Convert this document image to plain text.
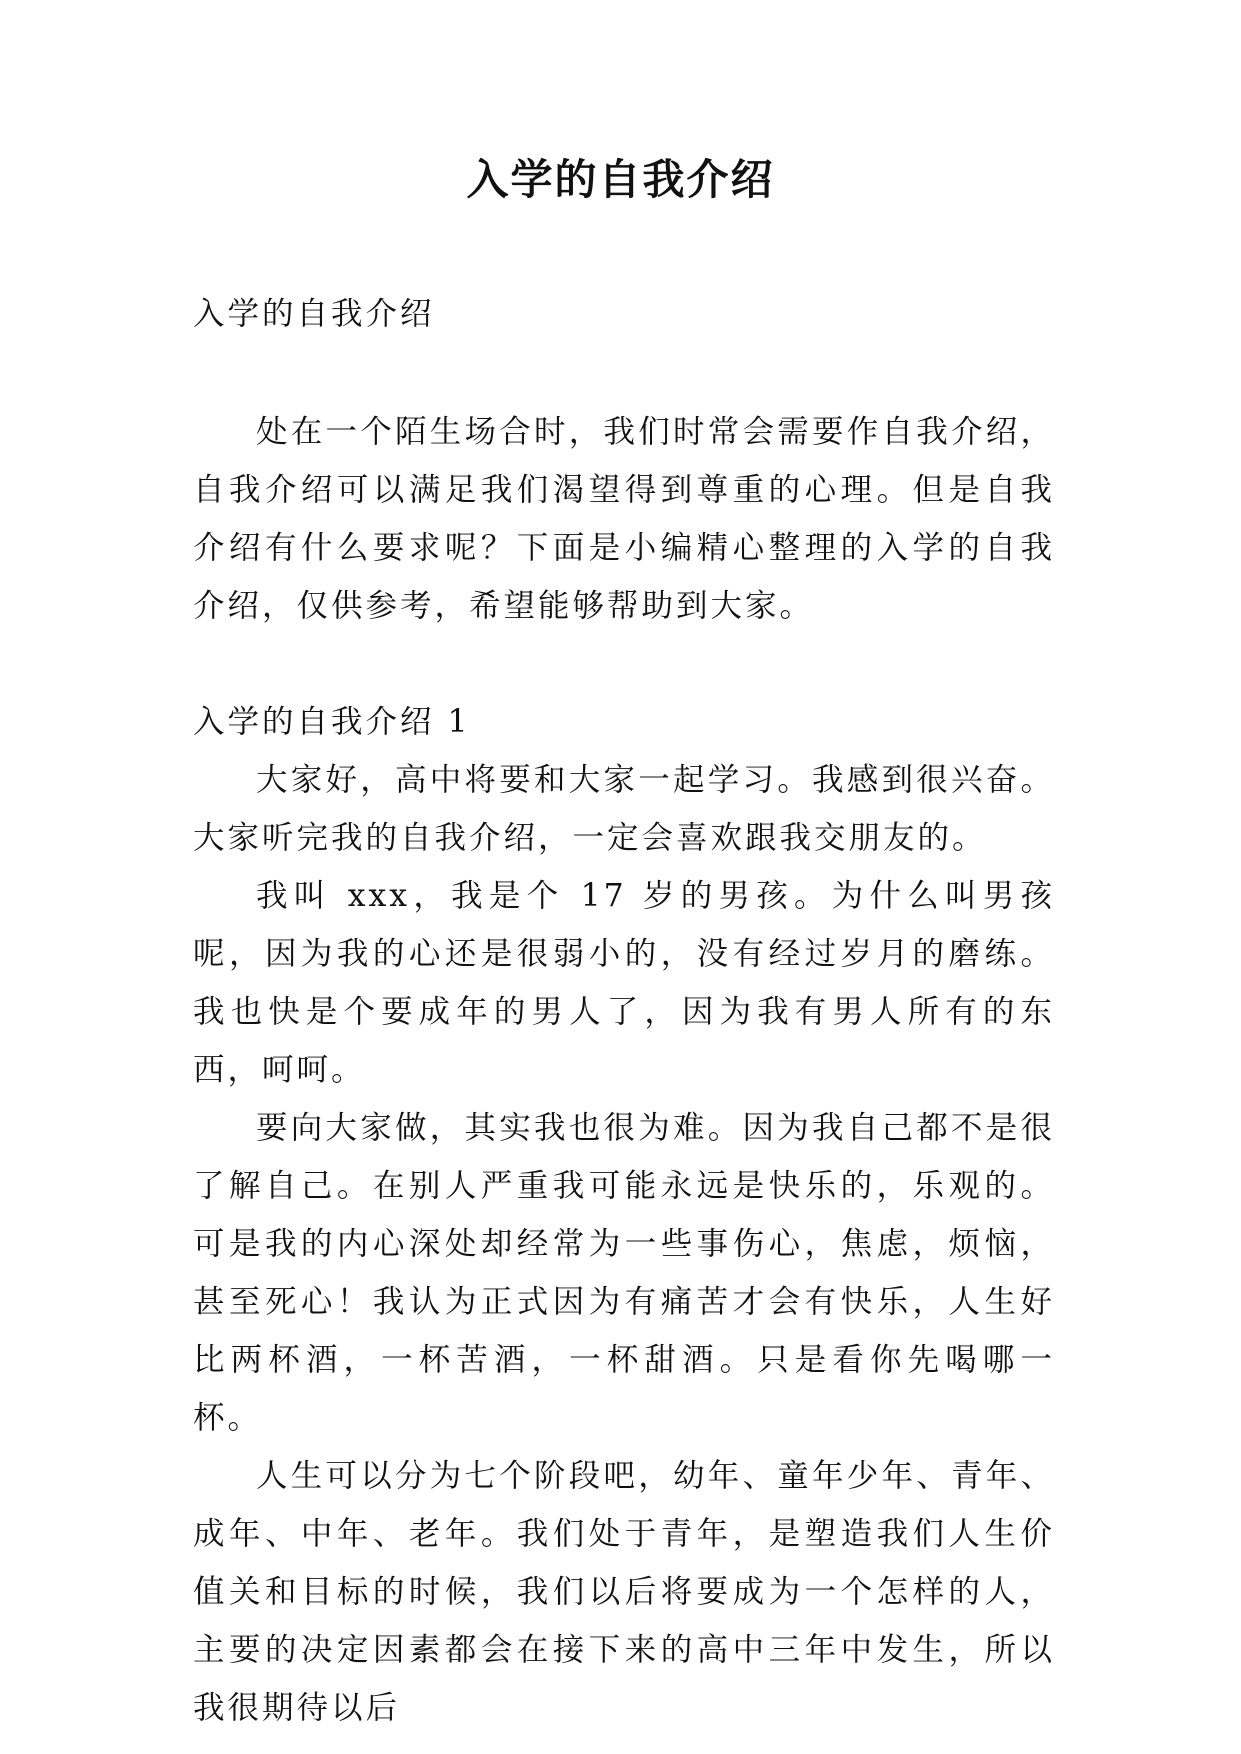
入学的自我介绍

入学的自我介绍

处在一个陌生场合时，我们时常会需要作自我介绍，自我介绍可以满足我们渴望得到尊重的心理。但是自我介绍有什么要求呢？下面是小编精心整理的入学的自我介绍，仅供参考，希望能够帮助到大家。

入学的自我介绍 1

大家好，高中将要和大家一起学习。我感到很兴奋。大家听完我的自我介绍，一定会喜欢跟我交朋友的。

我叫 xxx，我是个 17 岁的男孩。为什么叫男孩呢，因为我的心还是很弱小的，没有经过岁月的磨练。我也快是个要成年的男人了，因为我有男人所有的东西，呵呵。

要向大家做，其实我也很为难。因为我自己都不是很了解自己。在别人严重我可能永远是快乐的，乐观的。可是我的内心深处却经常为一些事伤心，焦虑，烦恼，甚至死心！我认为正式因为有痛苦才会有快乐，人生好比两杯酒，一杯苦酒，一杯甜酒。只是看你先喝哪一杯。

人生可以分为七个阶段吧，幼年、童年少年、青年、成年、中年、老年。我们处于青年，是塑造我们人生价值关和目标的时候，我们以后将要成为一个怎样的人， 主要的决定因素都会在接下来的高中三年中发生，所以我很期待以后
